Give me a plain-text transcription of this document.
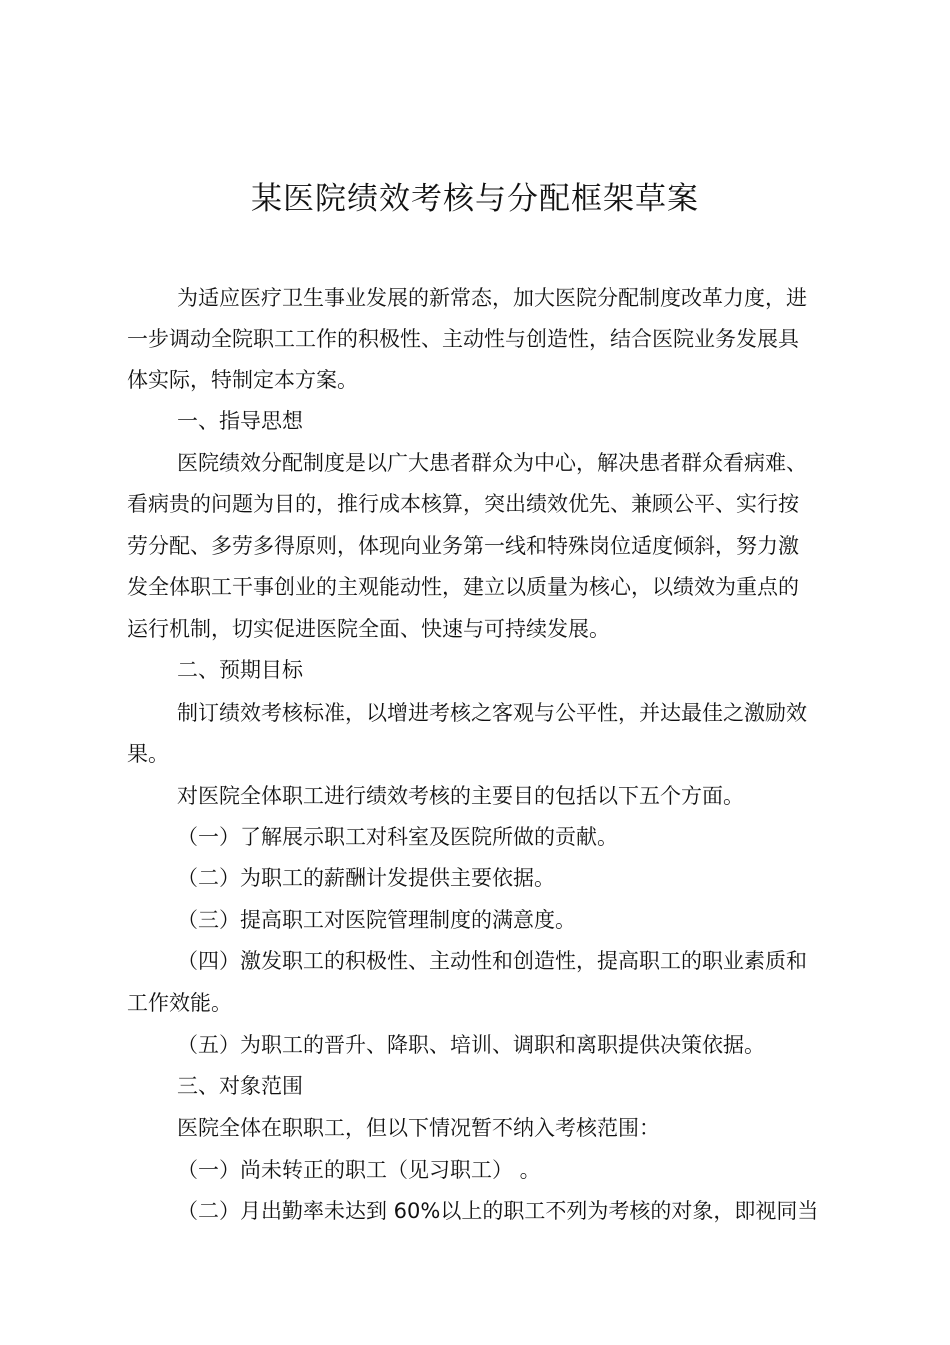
某医院绩效考核与分配框架草案
为适应医疗卫生事业发展的新常态，加大医院分配制度改革力度，进
一步调动全院职工工作的积极性、主动性与创造性，结合医院业务发展具
体实际，特制定本方案。
一、指导思想
医院绩效分配制度是以广大患者群众为中心，解决患者群众看病难、
看病贵的问题为目的，推行成本核算，突出绩效优先、兼顾公平、实行按
劳分配、多劳多得原则，体现向业务第一线和特殊岗位适度倾斜，努力激
发全体职工干事创业的主观能动性，建立以质量为核心，以绩效为重点的
运行机制，切实促进医院全面、快速与可持续发展。
二、预期目标
制订绩效考核标准，以增进考核之客观与公平性，并达最佳之激励效
果。
对医院全体职工进行绩效考核的主要目的包括以下五个方面。
（一）了解展示职工对科室及医院所做的贡献。
（二）为职工的薪酬计发提供主要依据。
（三）提高职工对医院管理制度的满意度。
（四）激发职工的积极性、主动性和创造性，提高职工的职业素质和
工作效能。
（五）为职工的晋升、降职、培训、调职和离职提供决策依据。
三、对象范围
医院全体在职职工，但以下情况暂不纳入考核范围：
（一）尚未转正的职工（见习职工） 。
（二）月出勤率未达到 60%以上的职工不列为考核的对象，即视同当
